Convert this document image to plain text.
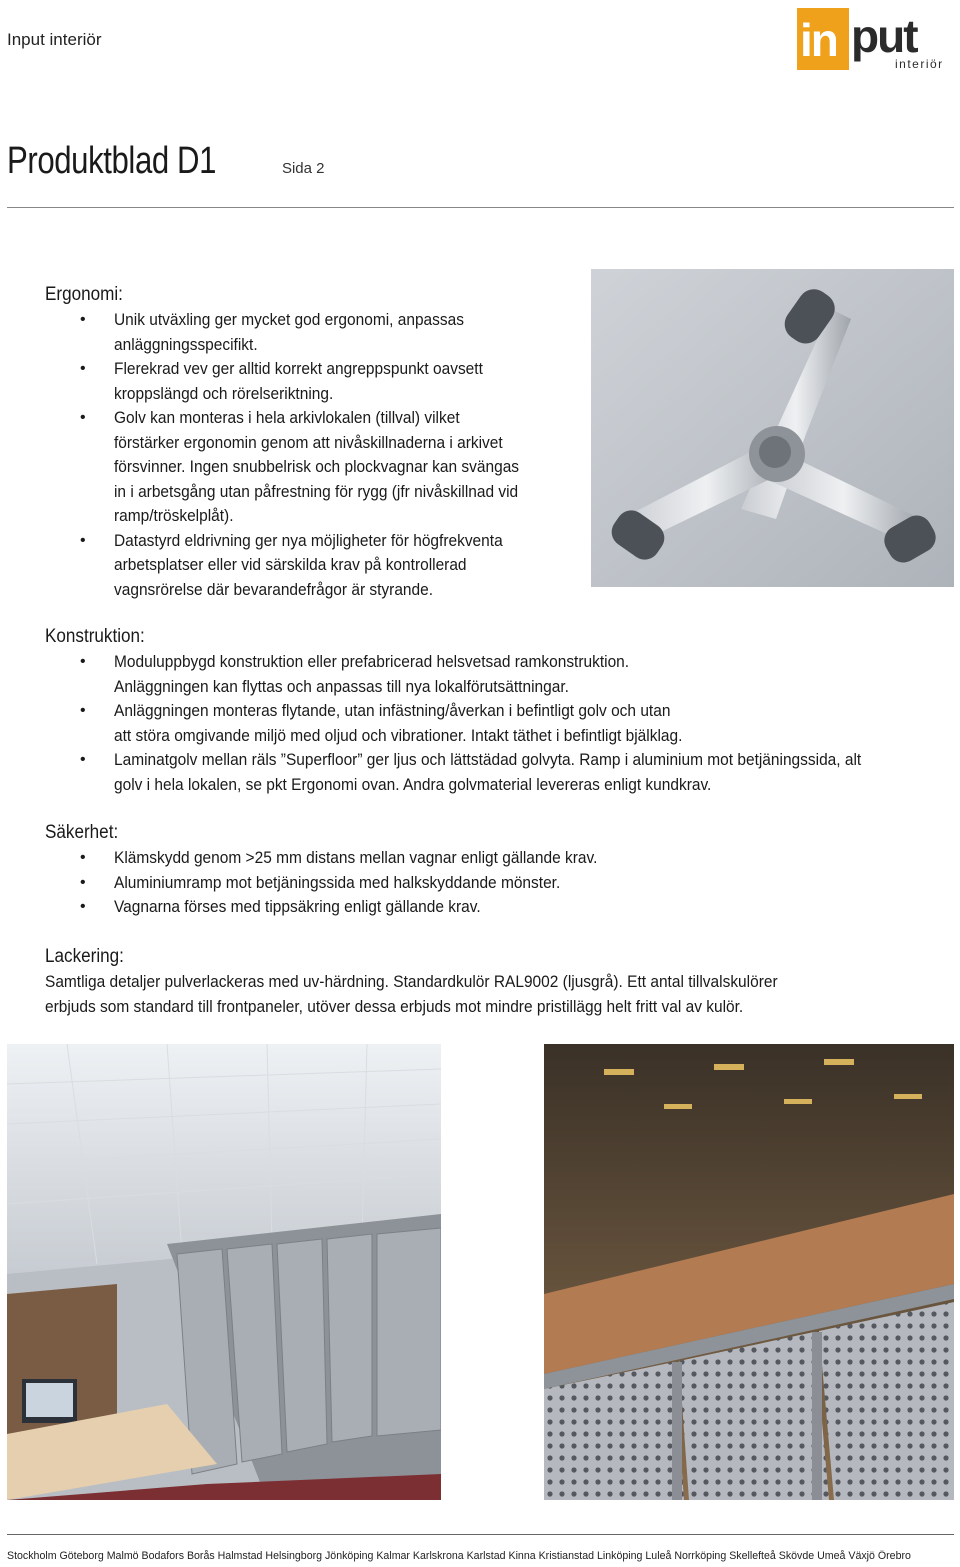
Input interiör	in put
interiör
Produktblad D1	Sida 2
Ergonomi:
• Unik utväxling ger mycket god ergonomi, anpassas
anläggningsspecifikt.
• Flerekrad vev ger alltid korrekt angreppspunkt oavsett
kroppslängd och rörelseriktning.
• Golv kan monteras i hela arkivlokalen (tillval) vilket
förstärker ergonomin genom att nivåskillnaderna i arkivet
försvinner. Ingen snubbelrisk och plockvagnar kan svängas
in i arbetsgång utan påfrestning för rygg (jfr nivåskillnad vid
ramp/tröskelplåt).
• Datastyrd eldrivning ger nya möjligheter för högfrekventa
arbetsplatser eller vid särskilda krav på kontrollerad
vagnsrörelse där bevarandefrågor är styrande.
Konstruktion:
• Moduluppbygd konstruktion eller prefabricerad helsvetsad ramkonstruktion.
Anläggningen kan flyttas och anpassas till nya lokalförutsättningar.
• Anläggningen monteras flytande, utan infästning/åverkan i befintligt golv och utan
att störa omgivande miljö med oljud och vibrationer. Intakt täthet i befintligt bjälklag.
• Laminatgolv mellan räls ”Superfloor” ger ljus och lättstädad golvyta. Ramp i aluminium mot betjäningssida, alt
golv i hela lokalen, se pkt Ergonomi ovan. Andra golvmaterial levereras enligt kundkrav.
Säkerhet:
• Klämskydd genom >25 mm distans mellan vagnar enligt gällande krav.
• Aluminiumramp mot betjäningssida med halkskyddande mönster.
• Vagnarna förses med tippsäkring enligt gällande krav.
Lackering:
Samtliga detaljer pulverlackeras med uv-härdning. Standardkulör RAL9002 (ljusgrå). Ett antal tillvalskulörer
erbjuds som standard till frontpaneler, utöver dessa erbjuds mot mindre pristillägg helt fritt val av kulör.
Stockholm Göteborg Malmö Bodafors Borås Halmstad Helsingborg Jönköping Kalmar Karlskrona Karlstad Kinna Kristianstad Linköping Luleå Norrköping Skellefteå Skövde Umeå Växjö Örebro
